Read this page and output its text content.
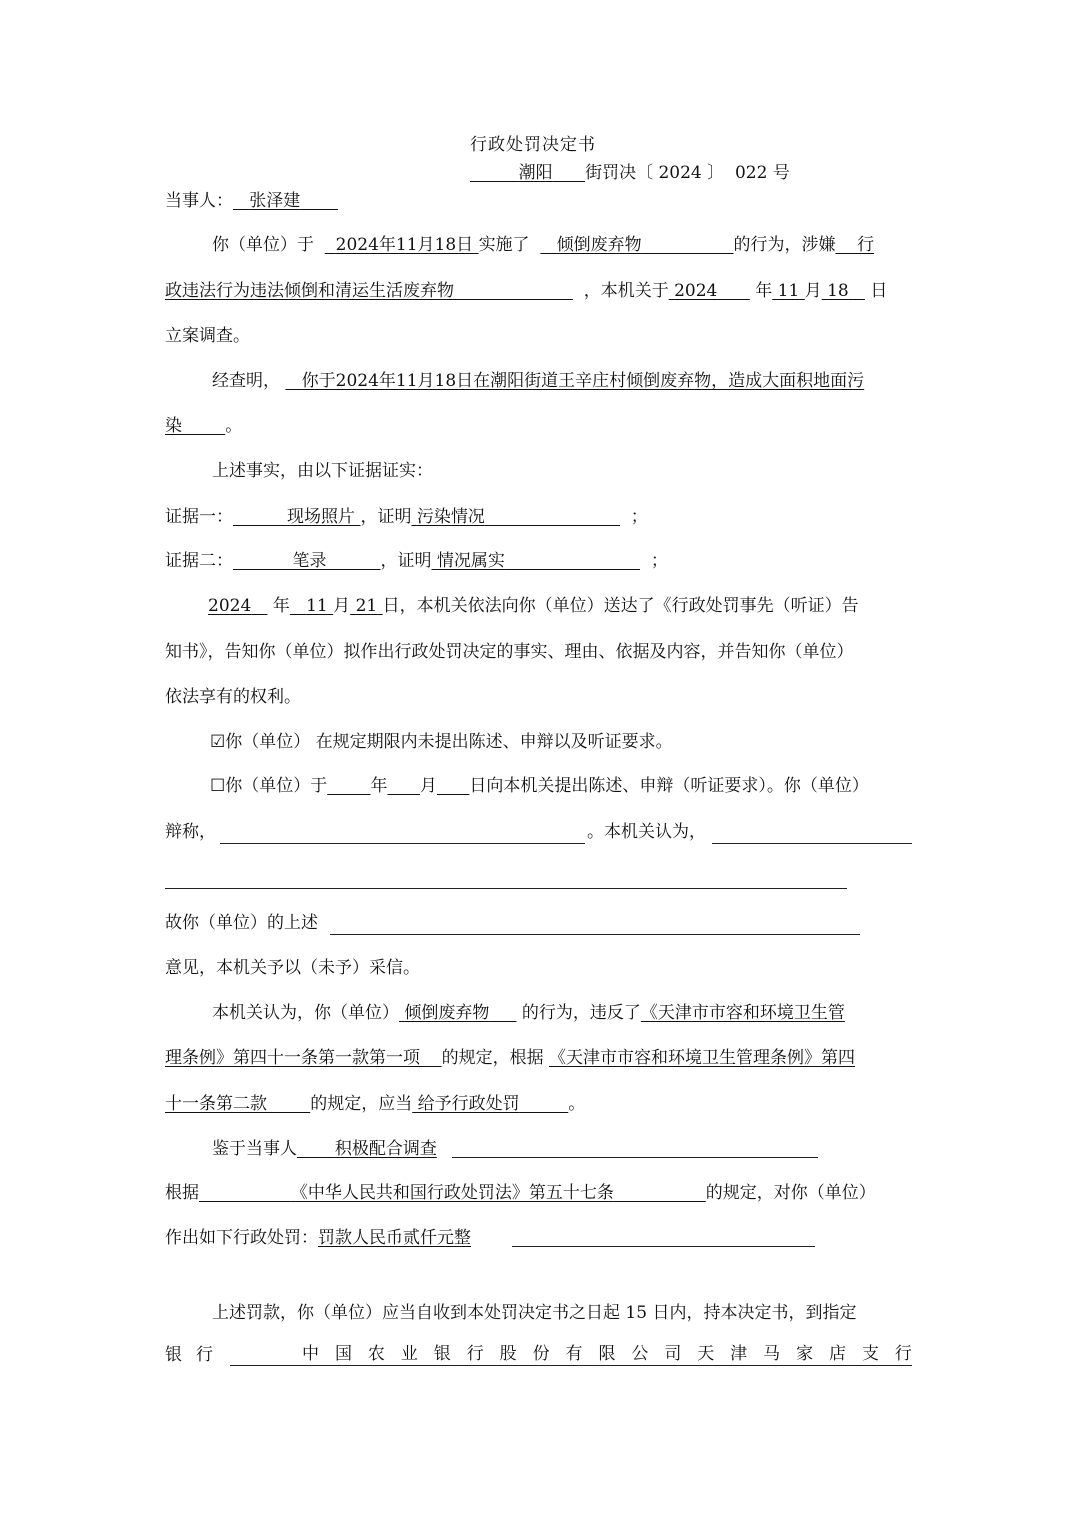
行政处罚决定书
潮阳 街罚决〔 2024 〕 022 号
当事人： 张泽建
你（单位）于 2024年11月18日 实施了 倾倒废弃物	的行为，涉嫌 行
政违法行为违法倾倒和清运生活废弃物	，本机关于 2024 年 11 月 18 日
立案调查。
经查明， 你于2024年11月18日在潮阳街道王辛庄村倾倒废弃物，造成大面积地面污
染	。
上述事实，由以下证据证实：
证据一：	现场照片 ，证明 污染情况	；
证据二：	笔录	，证明 情况属实	；
2024 年 11 月 21 日，本机关依法向你（单位）送达了《行政处罚事先（听证）告
知书》，告知你（单位）拟作出行政处罚决定的事实、理由、依据及内容，并告知你（单位）
依法享有的权利。
☑你（单位） 在规定期限内未提出陈述、申辩以及听证要求。
☐你（单位）于	年 月 日向本机关提出陈述、申辩（听证要求）。你（单位）
辩称，	。本机关认为，
故你（单位）的上述
意见，本机关予以（未予）采信。
本机关认为，你（单位） 倾倒废弃物 的行为，违反了《天津市市容和环境卫生管
理条例》第四十一条第一款第一项 的规定，根据 《天津市市容和环境卫生管理条例》第四
十一条第二款	的规定，应当 给予行政处罚	。
鉴于当事人 积极配合调查
根据	《中华人民共和国行政处罚法》第五十七条	的规定，对你（单位）
作出如下行政处罚：罚款人民币贰仟元整
上述罚款，你（单位）应当自收到本处罚决定书之日起 15 日内，持本决定书，到指定
银 行	中 国 农 业 银 行 股 份 有 限 公 司 天 津 马 家 店 支 行
